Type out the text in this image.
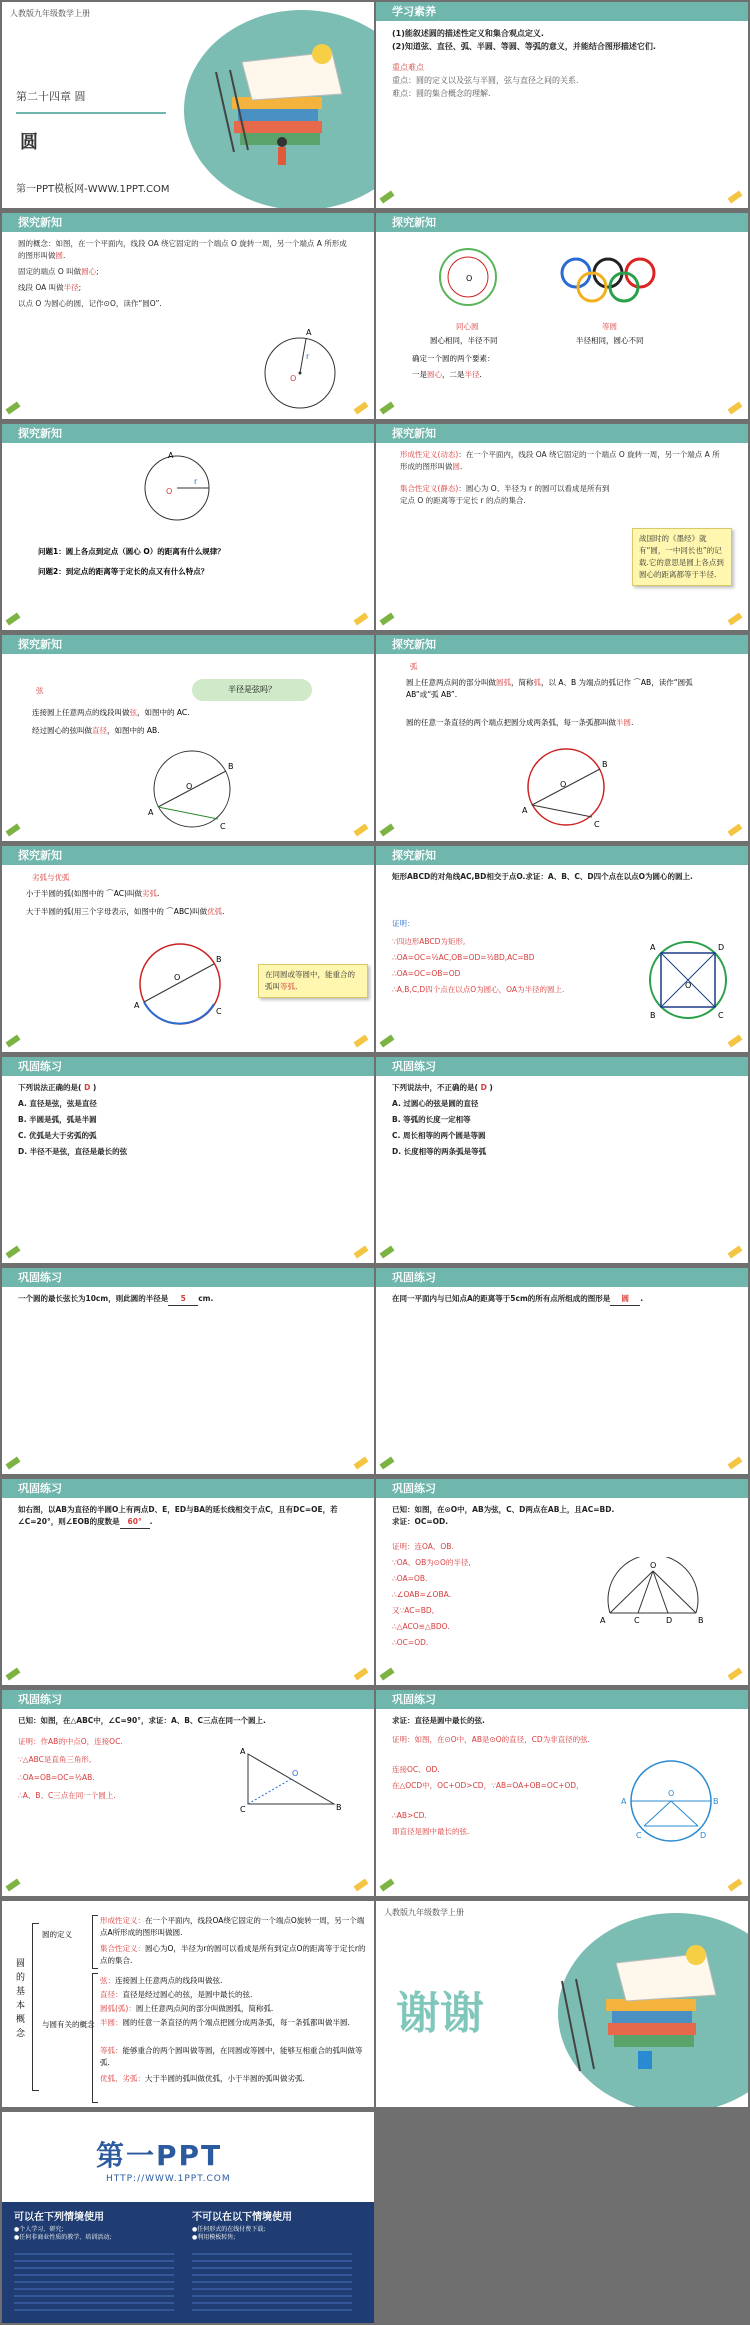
人教版九年级数学上册
第二十四章 圆
圆
第一PPT模板网-WWW.1PPT.COM
学习素养
(1)能叙述圆的描述性定义和集合观点定义.
(2)知道弦、直径、弧、半圆、等圆、等弧的意义，并能结合图形描述它们.
重点难点
重点：圆的定义以及弦与半圆，弦与直径之间的关系.
难点：圆的集合概念的理解.
探究新知
圆的概念：如图，在一个平面内，线段 OA 绕它固定的一个端点 O 旋转一周，另一个端点 A 所形成的图形叫做圆.
固定的端点 O 叫做圆心;
线段 OA 叫做半径;
以点 O 为圆心的圆，记作⊙O，读作“圆O”.
O
A
r
探究新知
O
同心圆	等圆
圆心相同，半径不同	半径相同，圆心不同
确定一个圆的两个要素：
一是圆心，二是半径.
探究新知
O
A
r
问题1：圆上各点到定点（圆心 O）的距离有什么规律？
问题2：到定点的距离等于定长的点又有什么特点？
探究新知
形成性定义(动态)：在一个平面内，线段 OA 绕它固定的一个端点 O 旋转一周，另一个端点 A 所形成的图形叫做圆.
集合性定义(静态)：圆心为 O、半径为 r 的圆可以看成是所有到定点 O 的距离等于定长 r 的点的集合.
战国时的《墨经》就有“圆，一中同长也”的记载.它的意思是圆上各点到圆心的距离都等于半径.
探究新知
弦	半径是弦吗？
连接圆上任意两点的线段叫做弦，如图中的 AC.
经过圆心的弦叫做直径，如图中的 AB.
O
A
B
C
探究新知
弧
圆上任意两点间的部分叫做圆弧，简称弧，以 A、B 为端点的弧记作 ⌒AB，读作“圆弧 AB”或“弧 AB”.
圆的任意一条直径的两个端点把圆分成两条弧，每一条弧都叫做半圆.
O
A
B
C
探究新知
劣弧与优弧
小于半圆的弧(如图中的 ⌒AC)叫做劣弧.
大于半圆的弧(用三个字母表示，如图中的 ⌒ABC)叫做优弧.
O
A
B
C
在同圆或等圆中，能重合的弧叫等弧.
探究新知
矩形ABCD的对角线AC,BD相交于点O.求证：A、B、C、D四个点在以点O为圆心的圆上.
证明：
∵四边形ABCD为矩形,
∴OA=OC=½AC,OB=OD=½BD,AC=BD
∴OA=OC=OB=OD
∴A,B,C,D四个点在以点O为圆心，OA为半径的圆上.	O
A
B	C
D
巩固练习
下列说法正确的是( D )
A. 直径是弦，弦是直径
B. 半圆是弧，弧是半圆
C. 优弧是大于劣弧的弧
D. 半径不是弦，直径是最长的弦
巩固练习
下列说法中，不正确的是( D )
A. 过圆心的弦是圆的直径
B. 等弧的长度一定相等
C. 周长相等的两个圆是等圆
D. 长度相等的两条弧是等弧
巩固练习
一个圆的最长弦长为10cm，则此圆的半径是 5 cm.
巩固练习
在同一平面内与已知点A的距离等于5cm的所有点所组成的图形是 圆 .
巩固练习
如右图，以AB为直径的半圆O上有两点D、E，ED与BA的延长线相交于点C，且有DC=OE，若∠C=20°，则∠EOB的度数是 60° .
巩固练习
已知：如图，在⊙O中，AB为弦，C、D两点在AB上，且AC=BD.
求证：OC=OD.
证明：连OA、OB.
∵OA、OB为⊙O的半径,
∴OA=OB.
∴∠OAB=∠OBA.
又∵AC=BD,
∴△ACO≌△BDO.
∴OC=OD.
O
A	C	D	B
巩固练习
已知：如图，在△ABC中，∠C=90°，求证：A、B、C三点在同一个圆上.
证明：作AB的中点O，连接OC.
∵△ABC是直角三角形,
∴OA=OB=OC=½AB.
∴A、B、C三点在同一个圆上.
A
C	B
O
巩固练习
求证：直径是圆中最长的弦.
证明：如图，在⊙O中，AB是⊙O的直径，CD为非直径的弦.
连接OC、OD.
在△OCD中，OC+OD>CD，∵AB=OA+OB=OC+OD，
∴AB>CD.
即直径是圆中最长的弦.
O
A	B
C	D
圆的基本概念
圆的定义
与圆有关的概念
形成性定义：在一个平面内，线段OA绕它固定的一个端点O旋转一周，另一个端点A所形成的图形叫做圆.
集合性定义：圆心为O，半径为r的圆可以看成是所有到定点O的距离等于定长r的点的集合.
弦：连接圆上任意两点的线段叫做弦.
直径：直径是经过圆心的弦，是圆中最长的弦.
圆弧(弧)：圆上任意两点间的部分叫做圆弧，简称弧.
半圆：圆的任意一条直径的两个端点把圆分成两条弧，每一条弧都叫做半圆.
等弧：能够重合的两个圆叫做等圆，在同圆或等圆中，能够互相重合的弧叫做等弧.
优弧、劣弧：大于半圆的弧叫做优弧，小于半圆的弧叫做劣弧.
人教版九年级数学上册
谢谢
第一PPT
HTTP://WWW.1PPT.COM
可以在下列情境使用
●个人学习、研究;
●任何非商业性质的教学、培训活动;
不可以在以下情境使用
●任何形式的在线付费下载;
●利用模板转售;
